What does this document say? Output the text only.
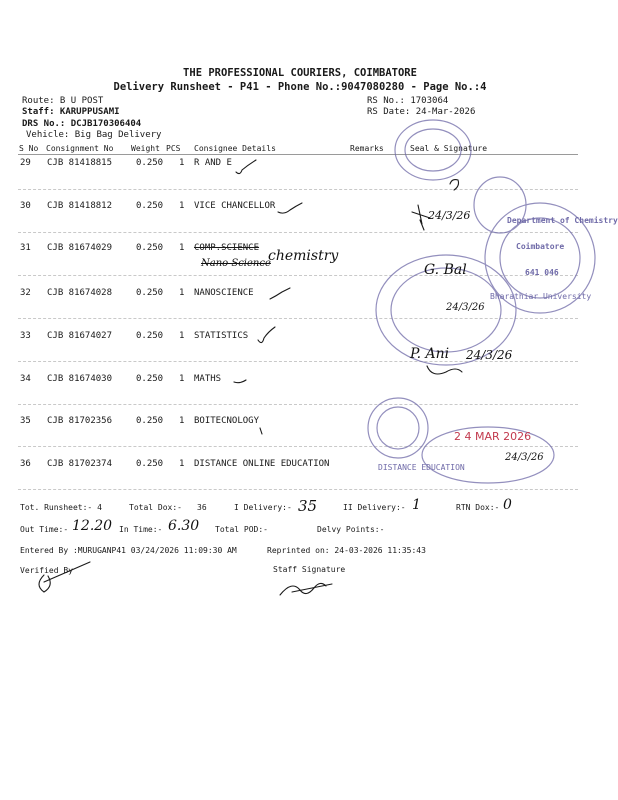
THE PROFESSIONAL COURIERS, COIMBATORE
Delivery Runsheet - P41 - Phone No.:9047080280 - Page No.:4
Route: B U POST
Staff: KARUPPUSAMI
DRS No.: DCJB170306404
Vehicle: Big Bag Delivery
RS No.: 1703064
RS Date: 24-Mar-2026
S No Consignment No Weight PCS Consignee Details	Remarks	Seal & Signature
29 CJB 81418815	0.250 1 R AND E
30 CJB 81418812	0.250 1 VICE CHANCELLOR
31 CJB 81674029	0.250 1 COMP.SCIENCE
Nano Science
32 CJB 81674028	0.250 1 NANOSCIENCE
33 CJB 81674027	0.250 1 STATISTICS
34 CJB 81674030	0.250 1 MATHS
35 CJB 81702356	0.250 1 BOITECNOLOGY
36 CJB 81702374	0.250 1 DISTANCE ONLINE EDUCATION
Department of Chemistry
Coimbatore
641 046
Bharathiar University
DISTANCE EDUCATION
2 4 MAR 2026
chemistry
24/3/26
G. Bal
24/3/26
P. Ani 24/3/26
24/3/26
Tot. Runsheet:- 4	Total Dox:- 36	I Delivery:- 35	II Delivery:- 1	RTN Dox:- 0
Out Time:- 12.20 In Time:- 6.30 Total POD:-	Delvy Points:-
Entered By :MURUGANP41 03/24/2026 11:09:30 AM	Reprinted on: 24-03-2026 11:35:43
Verified By	Staff Signature
